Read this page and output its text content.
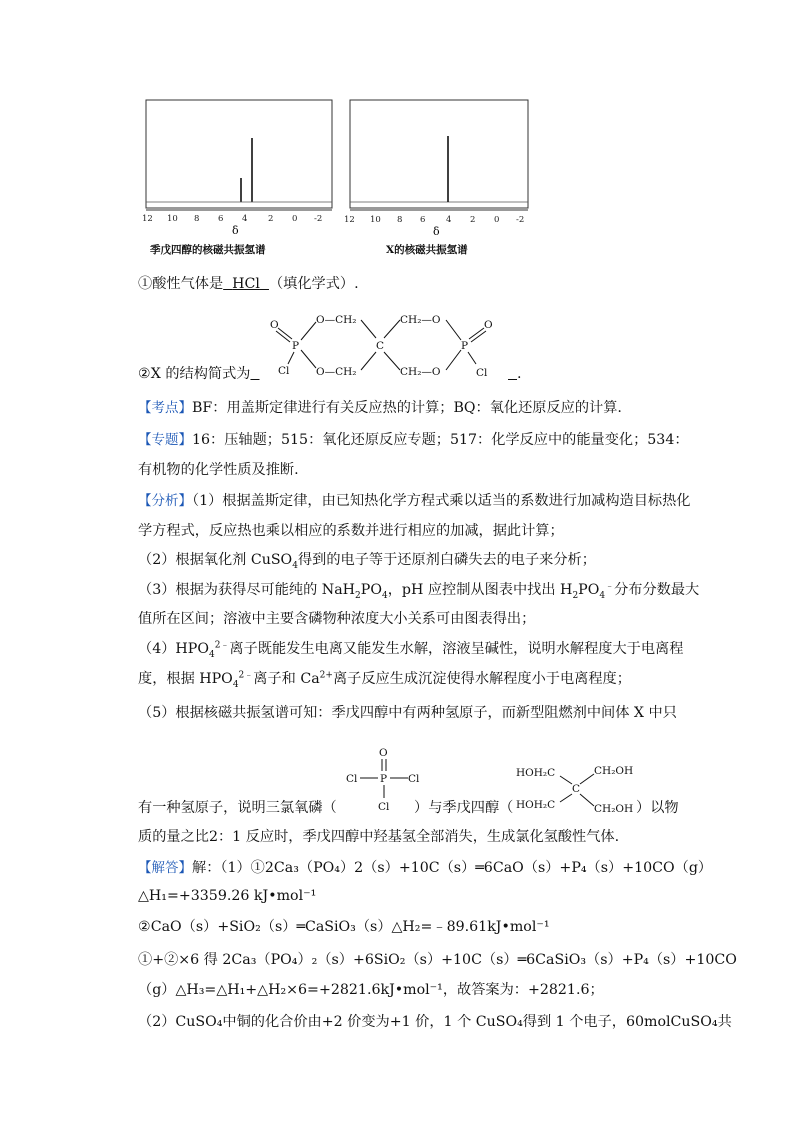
12 10 8 6 4 2 0 -2
δ
季戊四醇的核磁共振氢谱
12 10 8 6 4 2 0 -2
δ
X的核磁共振氢谱
①酸性气体是 HCl （填化学式）.
O
P
Cl
O—CH₂
O—CH₂
C
CH₂—O
CH₂—O
P
O
Cl
②X 的结构简式为	.
【考点】BF：用盖斯定律进行有关反应热的计算；BQ：氧化还原反应的计算.
【专题】16：压轴题；515：氧化还原反应专题；517：化学反应中的能量变化；534：
有机物的化学性质及推断.
【分析】（1）根据盖斯定律，由已知热化学方程式乘以适当的系数进行加减构造目标热化
学方程式，反应热也乘以相应的系数并进行相应的加减，据此计算；
（2）根据氧化剂 CuSO$_4$得到的电子等于还原剂白磷失去的电子来分析；
（3）根据为获得尽可能纯的 $NaH_2PO_4$，pH 应控制从图表中找出 $H_2PO_4^﹣$分布分数最大
值所在区间；溶液中主要含磷物种浓度大小关系可由图表得出；
$(4)HPO_4^{2﹣}$离子既能发生电离又能发生水解，溶液呈碱性，说明水解程度大于电离程
度，根据 $HPO_4^{2﹣}$离子和 $Ca^{2+}$离子反应生成沉淀使得水解程度小于电离程度；
（5）根据核磁共振氢谱可知：季戊四醇中有两种氢原子，而新型阻燃剂中间体 X 中只
O
P
Cl	Cl
Cl
HOH₂C	CH₂OH
C
HOH₂C	CH₂OH
有一种氢原子，说明三氯氧磷（	）与季戊四醇（	）以物
质的量之比2：1 反应时，季戊四醇中羟基氢全部消失，生成氯化氢酸性气体.
【解答】解：（1）①2Ca₃（PO₄）2（s）+10C（s）═6CaO（s）+P₄（s）+10CO（g）
△H₁=+3359.26 kJ•mol⁻¹
②CaO（s）+SiO₂（s）═CaSiO₃（s）△H₂=﹣89.61kJ•mol⁻¹
①+②×6 得 2Ca₃（PO₄）₂（s）+6SiO₂（s）+10C（s）═6CaSiO₃（s）+P₄（s）+10CO
（g）△H₃=△H₁+△H₂×6=+2821.6kJ•mol⁻¹，故答案为：+2821.6；
（2）CuSO₄中铜的化合价由+2 价变为+1 价，1 个 CuSO₄得到 1 个电子，60molCuSO₄共
